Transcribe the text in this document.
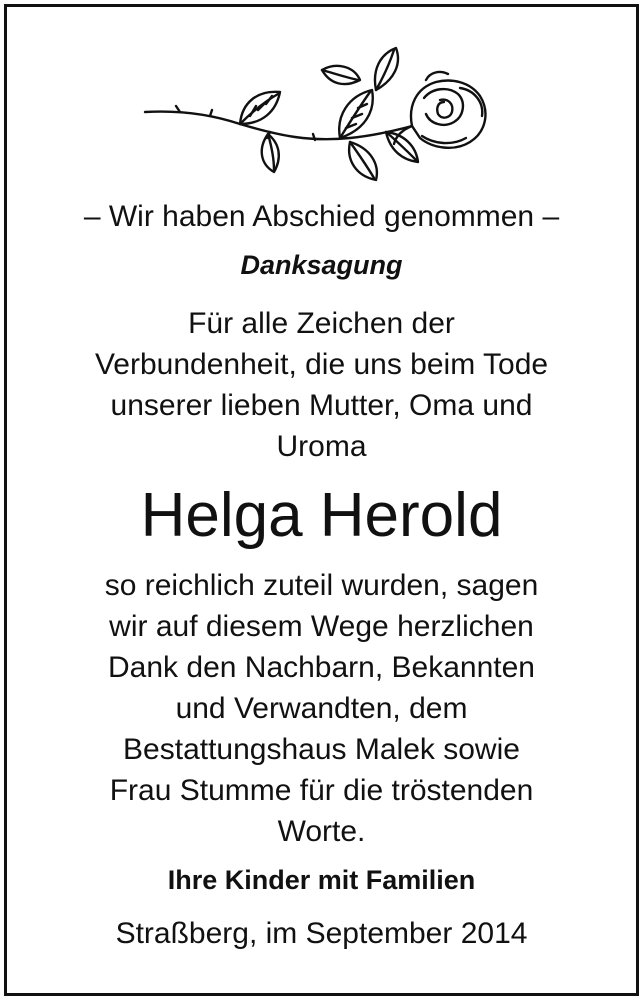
– Wir haben Abschied genommen –
Danksagung
Für alle Zeichen der
Verbundenheit, die uns beim Tode
unserer lieben Mutter, Oma und
Uroma
Helga Herold
so reichlich zuteil wurden, sagen
wir auf diesem Wege herzlichen
Dank den Nachbarn, Bekannten
und Verwandten, dem
Bestattungshaus Malek sowie
Frau Stumme für die tröstenden
Worte.
Ihre Kinder mit Familien
Straßberg, im September 2014
